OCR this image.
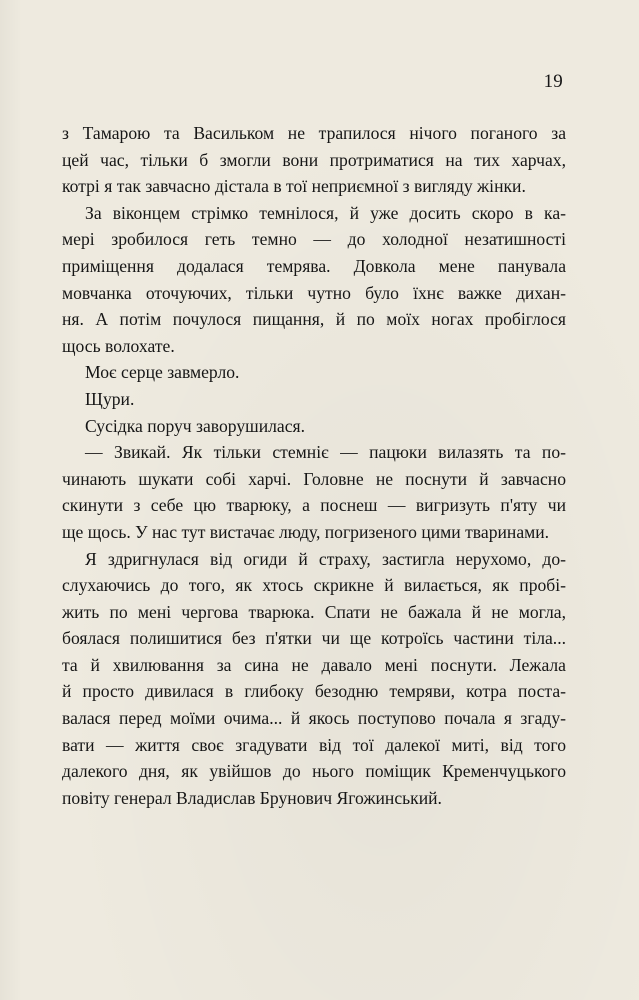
19
з Тамарою та Васильком не трапилося нічого поганого за
цей час, тільки б змогли вони протриматися на тих харчах,
котрі я так завчасно дістала в тої неприємної з вигляду жінки.
За віконцем стрімко темнілося, й уже досить скоро в ка-
мері зробилося геть темно — до холодної незатишності
приміщення додалася темрява. Довкола мене панувала
мовчанка оточуючих, тільки чутно було їхнє важке дихан-
ня. А потім почулося пищання, й по моїх ногах пробіглося
щось волохате.
Моє серце завмерло.
Щури.
Сусідка поруч заворушилася.
— Звикай. Як тільки стемніє — пацюки вилазять та по-
чинають шукати собі харчі. Головне не поснути й завчасно
скинути з себе цю тварюку, а поснеш — вигризуть п'яту чи
ще щось. У нас тут вистачає люду, погризеного цими тваринами.
Я здригнулася від огиди й страху, застигла нерухомо, до-
слухаючись до того, як хтось скрикне й вилається, як пробі-
жить по мені чергова тварюка. Спати не бажала й не могла,
боялася полишитися без п'ятки чи ще котроїсь частини тіла...
та й хвилювання за сина не давало мені поснути. Лежала
й просто дивилася в глибоку безодню темряви, котра поста-
валася перед моїми очима... й якось поступово почала я згаду-
вати — життя своє згадувати від тої далекої миті, від того
далекого дня, як увійшов до нього поміщик Кременчуцького
повіту генерал Владислав Брунович Ягожинський.
